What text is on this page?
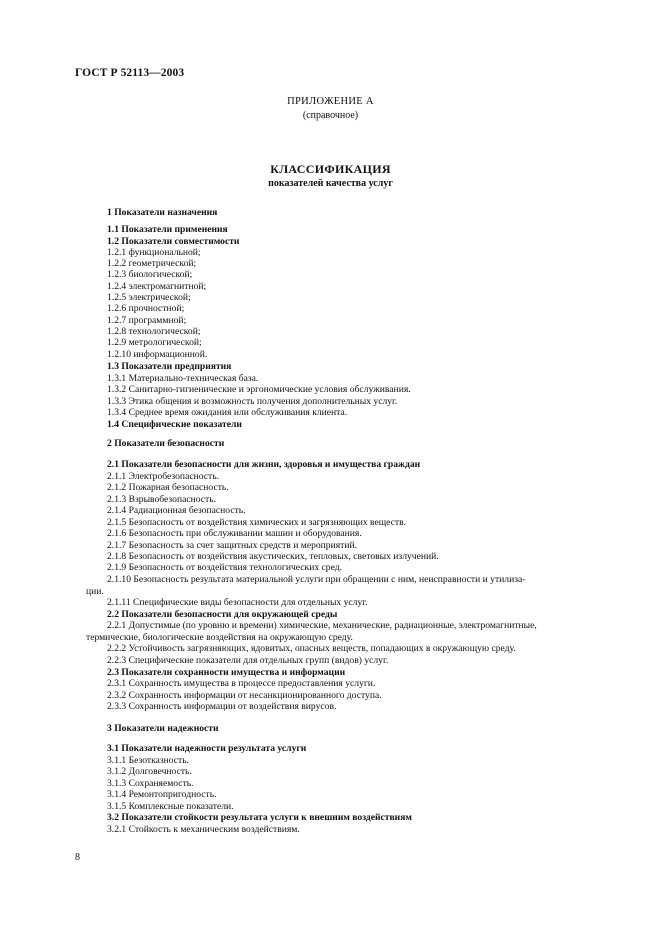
ГОСТ Р 52113—2003
ПРИЛОЖЕНИЕ А
(справочное)
КЛАССИФИКАЦИЯ
показателей качества услуг
1 Показатели назначения
1.1 Показатели применения
1.2 Показатели совместимости
1.2.1 функциональной;
1.2.2 геометрической;
1.2.3 биологической;
1.2.4 электромагнитной;
1.2.5 электрической;
1.2.6 прочностной;
1.2.7 программной;
1.2.8 технологической;
1.2.9 метрологической;
1.2.10 информационной.
1.3 Показатели предприятия
1.3.1 Материально-техническая база.
1.3.2 Санитарно-гигиенические и эргономические условия обслуживания.
1.3.3 Этика общения и возможность получения дополнительных услуг.
1.3.4 Среднее время ожидания или обслуживания клиента.
1.4 Специфические показатели
2 Показатели безопасности
2.1 Показатели безопасности для жизни, здоровья и имущества граждан
2.1.1 Электробезопасность.
2.1.2 Пожарная безопасность.
2.1.3 Взрывобезопасность.
2.1.4 Радиационная безопасность.
2.1.5 Безопасность от воздействия химических и загрязняющих веществ.
2.1.6 Безопасность при обслуживании машин и оборудования.
2.1.7 Безопасность за счет защитных средств и мероприятий.
2.1.8 Безопасность от воздействия акустических, тепловых, световых излучений.
2.1.9 Безопасность от воздействия технологических сред.
2.1.10 Безопасность результата материальной услуги при обращении с ним, неисправности и утилиза-
ции.
2.1.11 Специфические виды безопасности для отдельных услуг.
2.2 Показатели безопасности для окружающей среды
2.2.1 Допустимые (по уровню и времени) химические, механические, радиационные, электромагнитные,
термические, биологические воздействия на окружающую среду.
2.2.2 Устойчивость загрязняющих, ядовитых, опасных веществ, попадающих в окружающую среду.
2.2.3 Специфические показатели для отдельных групп (видов) услуг.
2.3 Показатели сохранности имущества и информации
2.3.1 Сохранность имущества в процессе предоставления услуги.
2.3.2 Сохранность информации от несанкционированного доступа.
2.3.3 Сохранность информации от воздействия вирусов.
3 Показатели надежности
3.1 Показатели надежности результата услуги
3.1.1 Безотказность.
3.1.2 Долговечность.
3.1.3 Сохраняемость.
3.1.4 Ремонтопригодность.
3.1.5 Комплексные показатели.
3.2 Показатели стойкости результата услуги к внешним воздействиям
3.2.1 Стойкость к механическим воздействиям.
8
